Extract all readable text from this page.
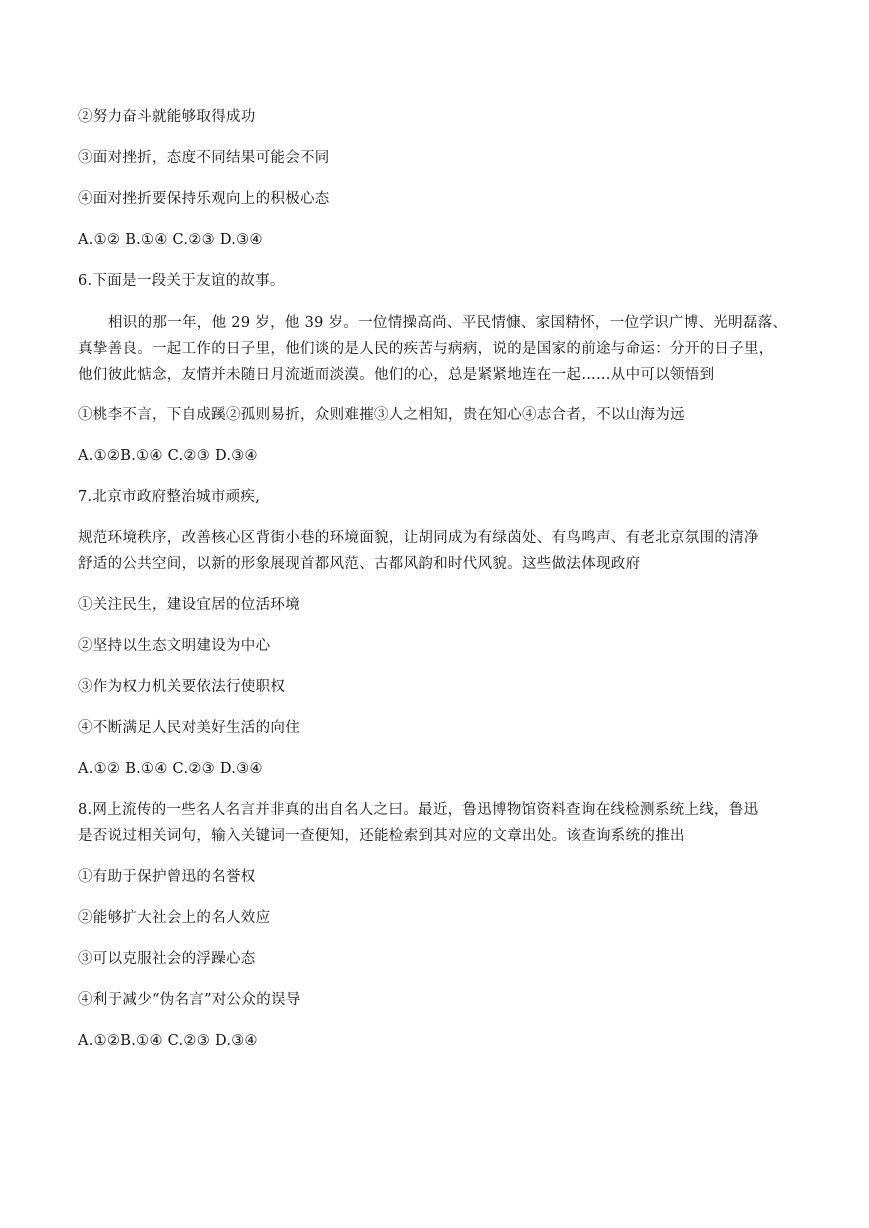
②努力奋斗就能够取得成功
③面对挫折，态度不同结果可能会不同
④面对挫折要保持乐观向上的积极心态
A.①② B.①④ C.②③ D.③④
6.下面是一段关于友谊的故事。
相识的那一年，他 29 岁，他 39 岁。一位情操高尚、平民情慷、家国精怀，一位学识广博、光明磊落、
真挚善良。一起工作的日子里，他们谈的是人民的疾苦与病病，说的是国家的前途与命运：分开的日子里，
他们彼此惦念，友情并未随日月流逝而淡漠。他们的心，总是紧紧地连在一起……从中可以领悟到
①桃李不言，下自成蹊②孤则易折，众则难摧③人之相知，贵在知心④志合者，不以山海为远
A.①②B.①④ C.②③ D.③④
7.北京市政府整治城市顽疾,
规范环境秩序，改善核心区背街小巷的环境面貌，让胡同成为有绿茵处、有鸟鸣声、有老北京氛围的清净
舒适的公共空间，以新的形象展现首都风范、古都风韵和时代风貌。这些做法体现政府
①关注民生，建设宜居的位活环境
②坚持以生态文明建设为中心
③作为权力机关要依法行使职权
④不断满足人民对美好生活的向住
A.①② B.①④ C.②③ D.③④
8.网上流传的一些名人名言并非真的出自名人之曰。最近，鲁迅博物馆资料查询在线检测系统上线，鲁迅
是否说过相关词句，输入关键词一查便知，还能检索到其对应的文章出处。该查询系统的推出
①有助于保护曾迅的名誉权
②能够扩大社会上的名人效应
③可以克服社会的浮躁心态
④利于减少“伪名言”对公众的误导
A.①②B.①④ C.②③ D.③④
